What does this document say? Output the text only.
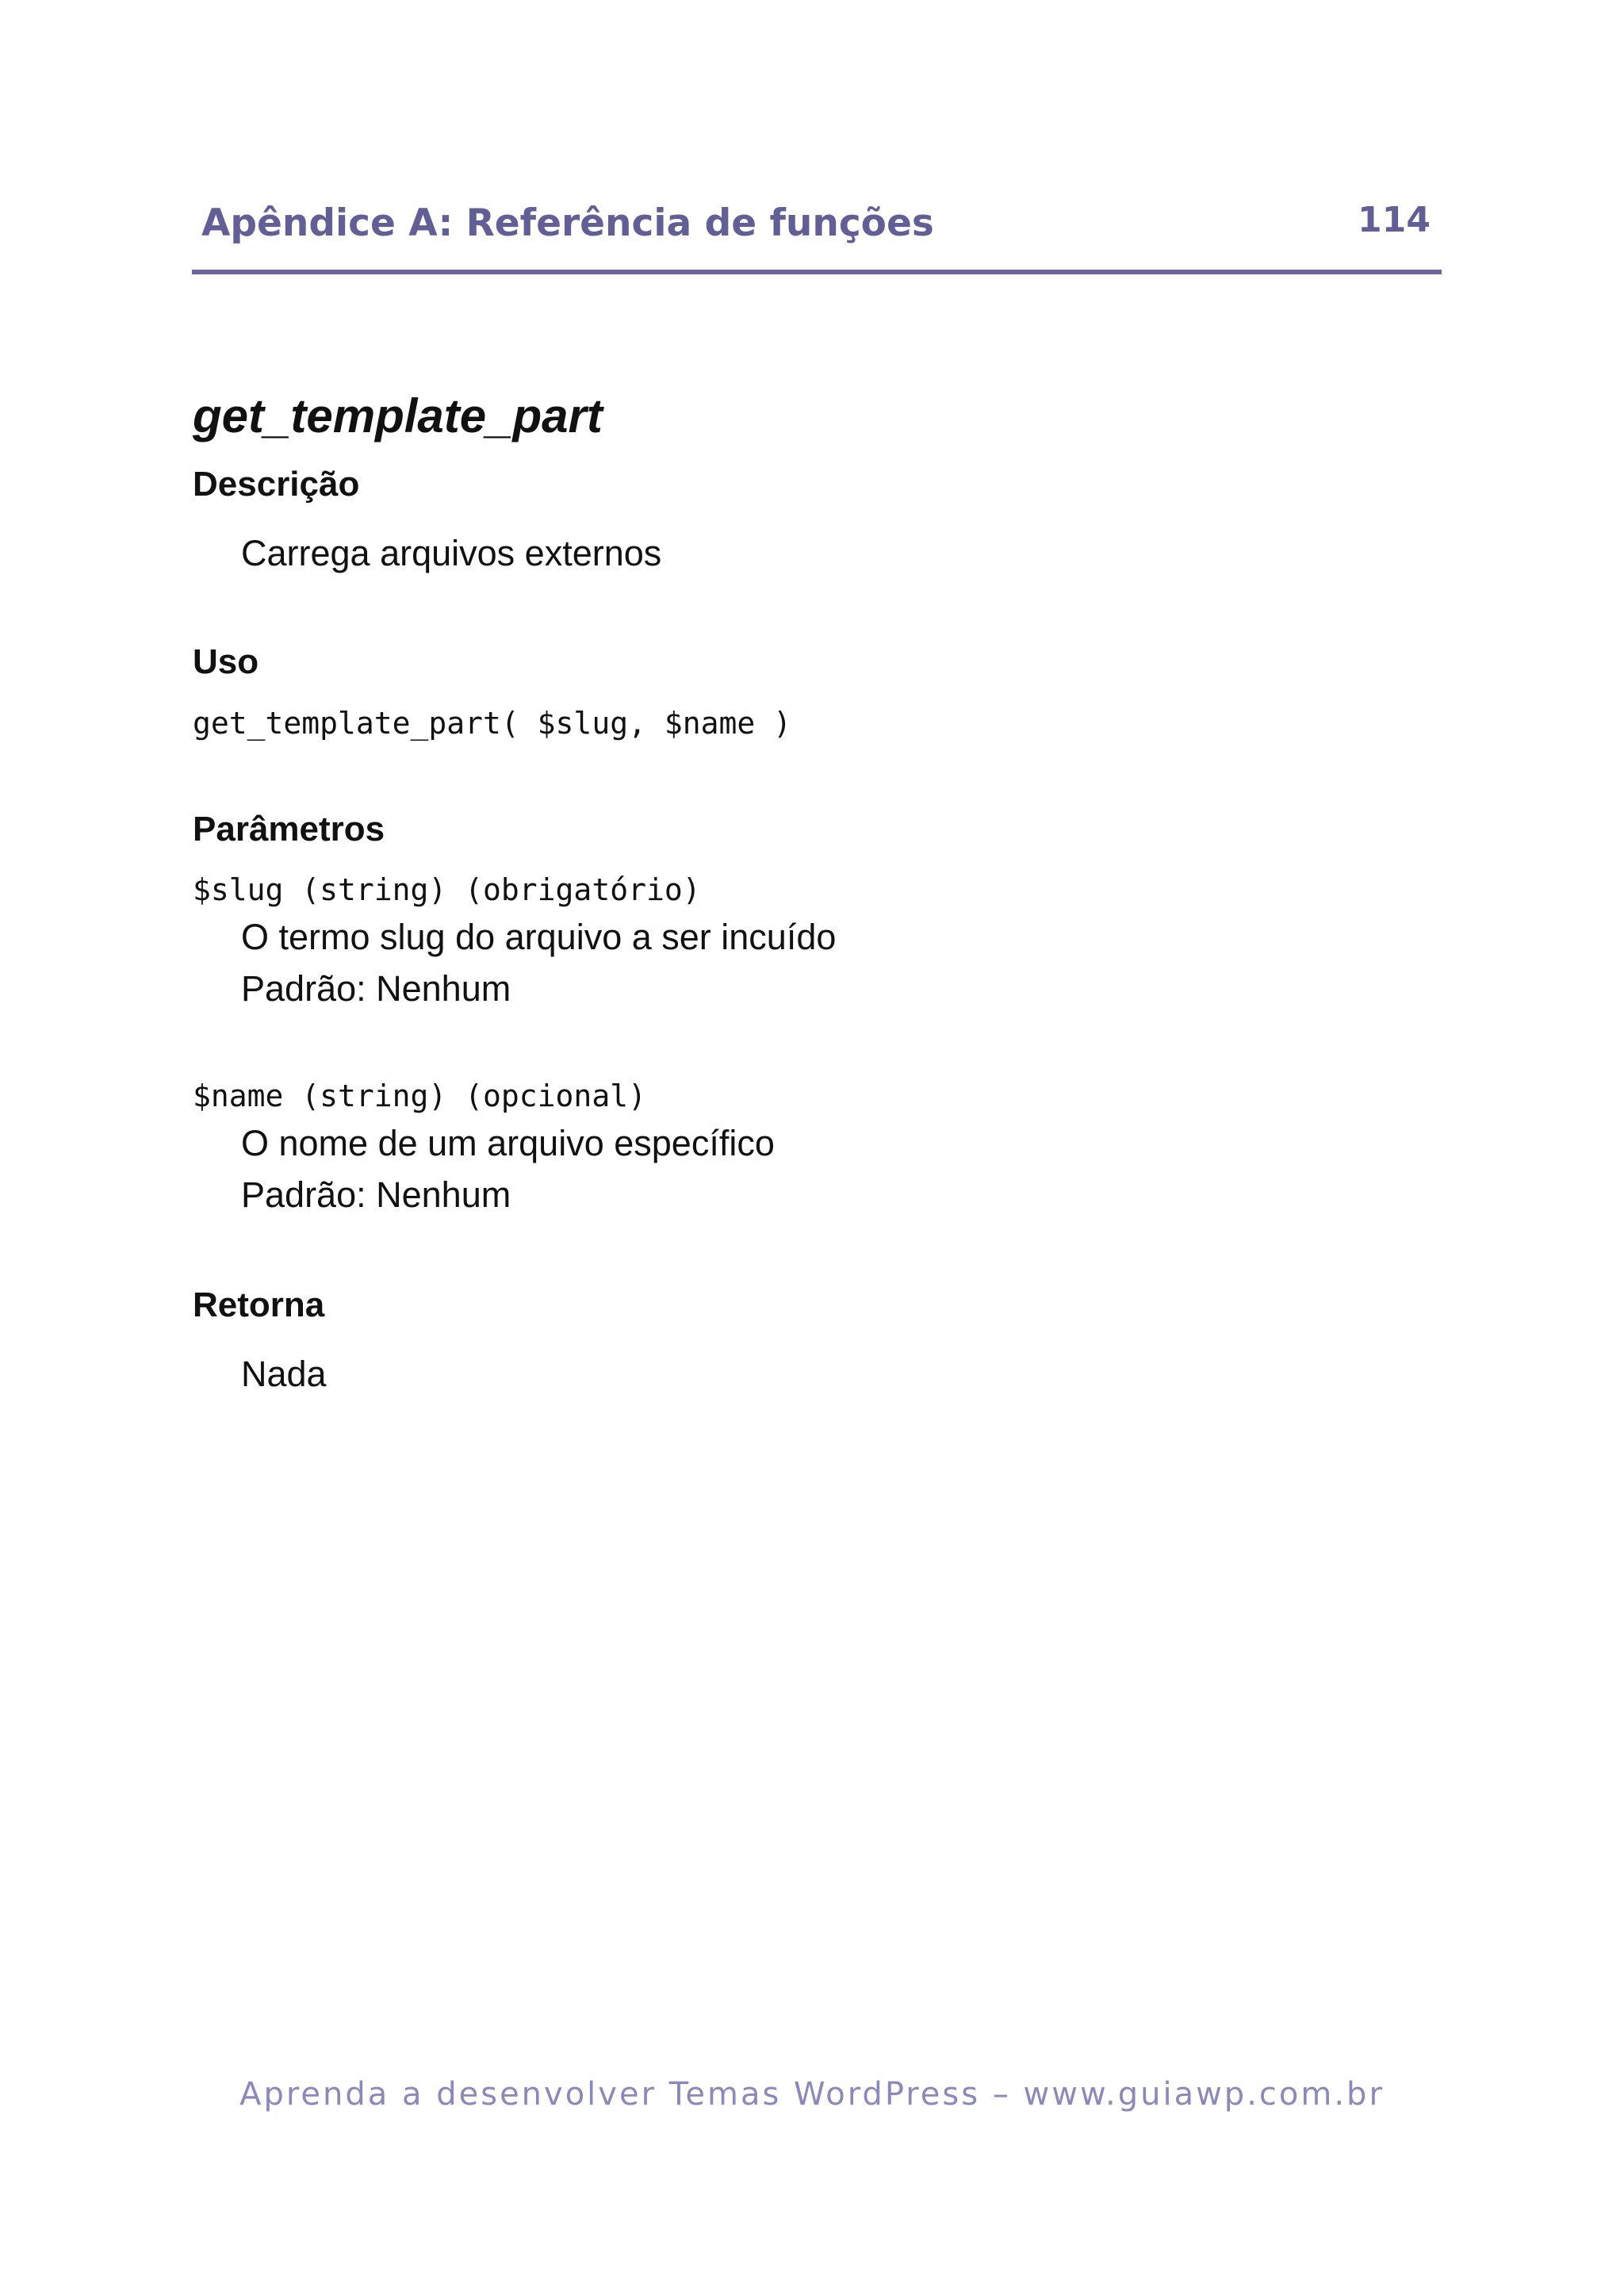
Apêndice A: Referência de funções	114
get_template_part
Descrição
Carrega arquivos externos
Uso
get_template_part( $slug, $name )
Parâmetros
$slug (string) (obrigatório)
O termo slug do arquivo a ser incuído
Padrão: Nenhum
$name (string) (opcional)
O nome de um arquivo específico
Padrão: Nenhum
Retorna
Nada
Aprenda a desenvolver Temas WordPress – www.guiawp.com.br
